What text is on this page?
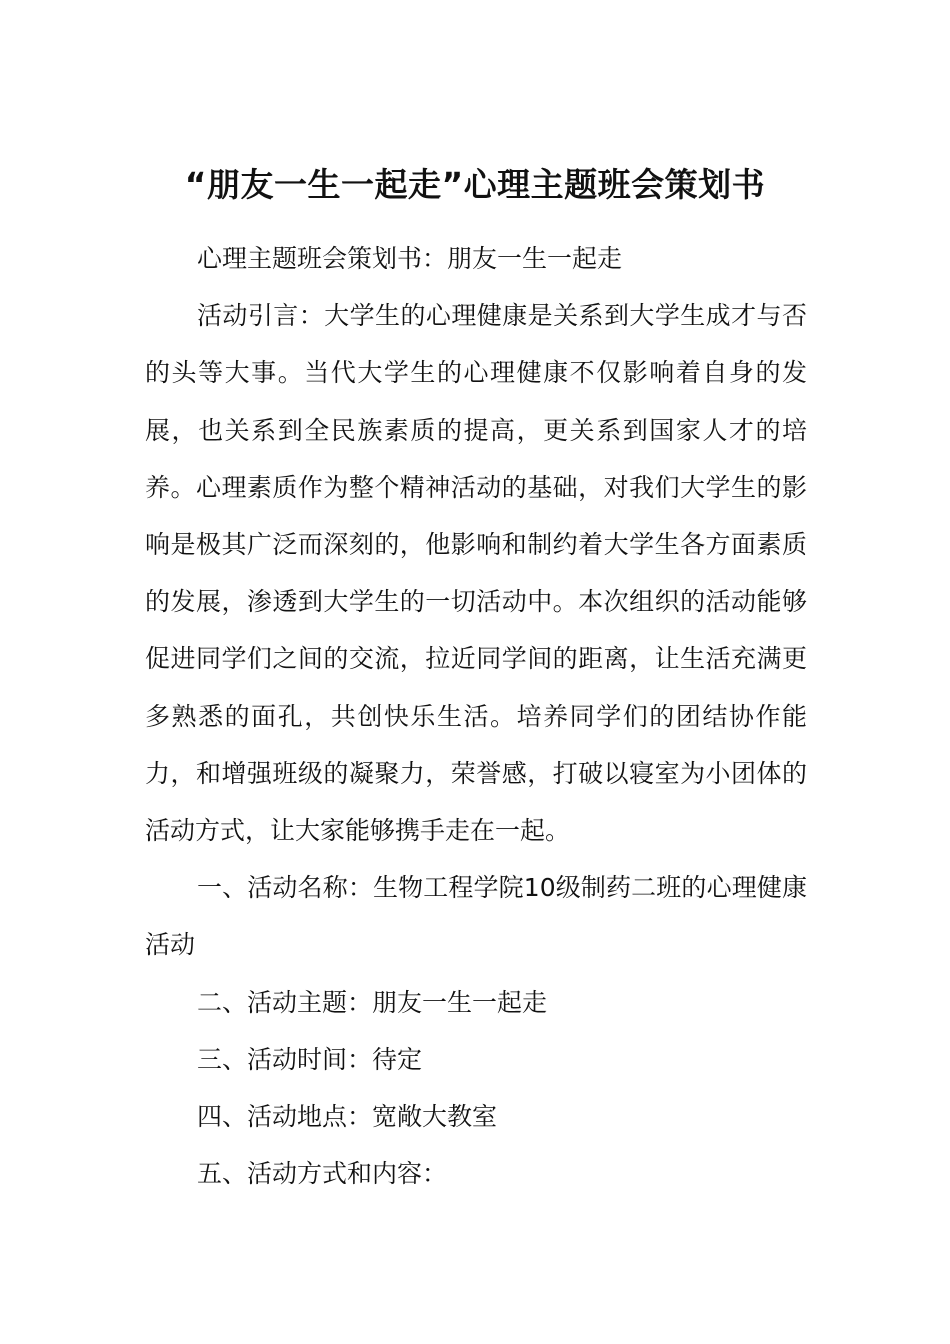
“朋友一生一起走”心理主题班会策划书

心理主题班会策划书：朋友一生一起走

活动引言：大学生的心理健康是关系到大学生成才与否的头等大事。当代大学生的心理健康不仅影响着自身的发展，也关系到全民族素质的提高，更关系到国家人才的培养。心理素质作为整个精神活动的基础，对我们大学生的影响是极其广泛而深刻的，他影响和制约着大学生各方面素质的发展，渗透到大学生的一切活动中。本次组织的活动能够促进同学们之间的交流，拉近同学间的距离，让生活充满更多熟悉的面孔，共创快乐生活。培养同学们的团结协作能力，和增强班级的凝聚力，荣誉感，打破以寝室为小团体的活动方式，让大家能够携手走在一起。

一、活动名称：生物工程学院10级制药二班的心理健康活动

二、活动主题：朋友一生一起走

三、活动时间：待定

四、活动地点：宽敞大教室

五、活动方式和内容：
